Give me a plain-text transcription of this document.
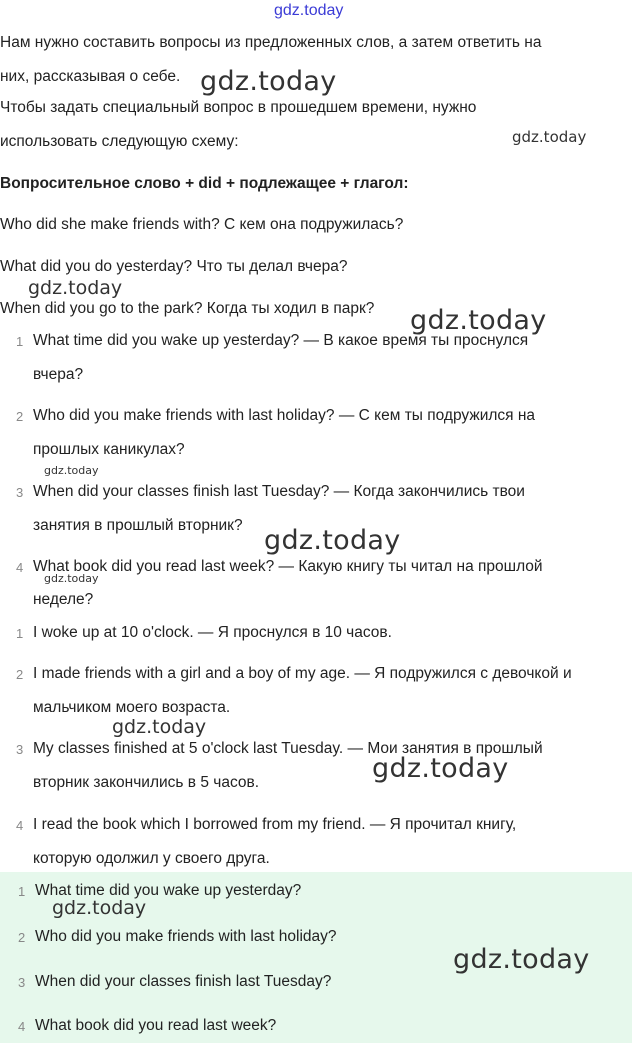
gdz.today
Нам нужно составить вопросы из предложенных слов, а затем ответить на
них, рассказывая о себе.
Чтобы задать специальный вопрос в прошедшем времени, нужно
использовать следующую схему:
Вопросительное слово + did + подлежащее + глагол:
Who did she make friends with? С кем она подружилась?
What did you do yesterday? Что ты делал вчера?
When did you go to the park? Когда ты ходил в парк?
1 What time did you wake up yesterday? — В какое время ты проснулся
вчера?
2 Who did you make friends with last holiday? — С кем ты подружился на
прошлых каникулах?
3 When did your classes finish last Tuesday? — Когда закончились твои
занятия в прошлый вторник?
4 What book did you read last week? — Какую книгу ты читал на прошлой
неделе?
1 I woke up at 10 o'clock. — Я проснулся в 10 часов.
2 I made friends with a girl and a boy of my age. — Я подружился с девочкой и
мальчиком моего возраста.
3 My classes finished at 5 o'clock last Tuesday. — Мои занятия в прошлый
вторник закончились в 5 часов.
4 I read the book which I borrowed from my friend. — Я прочитал книгу,
которую одолжил у своего друга.
1 What time did you wake up yesterday?
2 Who did you make friends with last holiday?
3 When did your classes finish last Tuesday?
4 What book did you read last week?
gdz.today
gdz.today
gdz.today
gdz.today
gdz.today
gdz.today
gdz.today
gdz.today
gdz.today
gdz.today
gdz.today
